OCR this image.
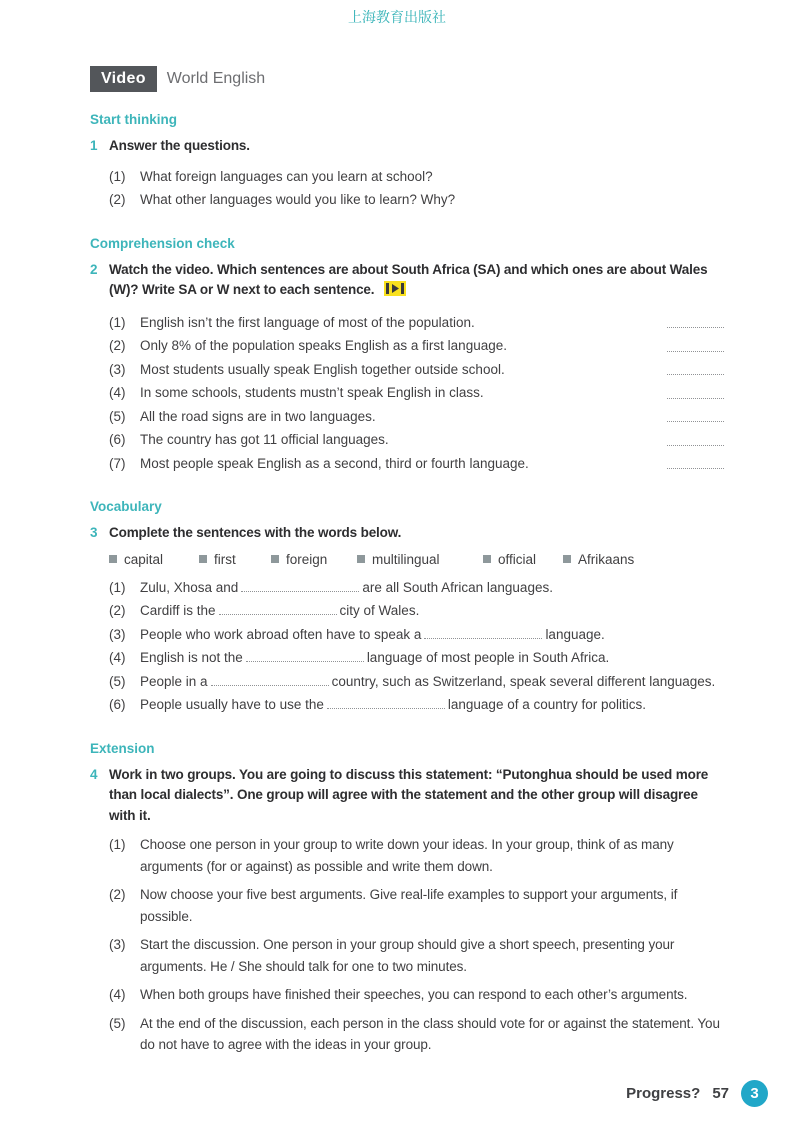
上海教育出版社
Video	World English
Start thinking
1 Answer the questions.
(1)	What foreign languages can you learn at school?
(2)	What other languages would you like to learn? Why?
Comprehension check
2 Watch the video. Which sentences are about South Africa (SA) and which ones are about Wales (W)? Write SA or W next to each sentence.
(1)	English isn’t the first language of most of the population.
(2)	Only 8% of the population speaks English as a first language.
(3)	Most students usually speak English together outside school.
(4)	In some schools, students mustn’t speak English in class.
(5)	All the road signs are in two languages.
(6)	The country has got 11 official languages.
(7)	Most people speak English as a second, third or fourth language.
Vocabulary
3 Complete the sentences with the words below.
capital	first	foreign	multilingual	official	Afrikaans
(1)	Zulu, Xhosa and	are all South African languages.
(2)	Cardiff is the	city of Wales.
(3)	People who work abroad often have to speak a	language.
(4)	English is not the	language of most people in South Africa.
(5)	People in a	country, such as Switzerland, speak several different languages.
(6)	People usually have to use the	language of a country for politics.
Extension
4 Work in two groups. You are going to discuss this statement: “Putonghua should be used more than local dialects”. One group will agree with the statement and the other group will disagree with it.
(1)	Choose one person in your group to write down your ideas. In your group, think of as many arguments (for or against) as possible and write them down.
(2)	Now choose your five best arguments. Give real-life examples to support your arguments, if possible.
(3)	Start the discussion. One person in your group should give a short speech, presenting your arguments. He / She should talk for one to two minutes.
(4)	When both groups have finished their speeches, you can respond to each other’s arguments.
(5)	At the end of the discussion, each person in the class should vote for or against the statement. You do not have to agree with the ideas in your group.
Progress? 57	3
